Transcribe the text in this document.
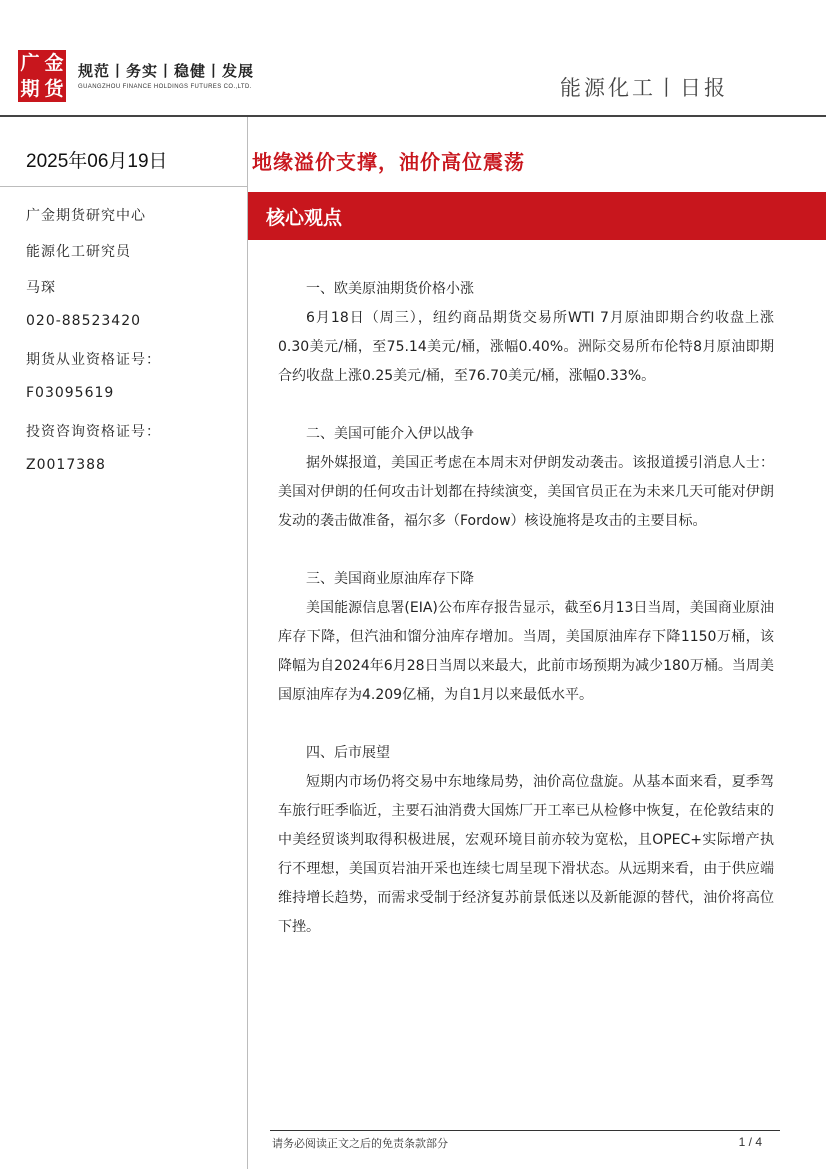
广 金
期 货
规范丨务实丨稳健丨发展
GUANGZHOU FINANCE HOLDINGS FUTURES CO.,LTD.	能源化工丨日报
2025年06月19日
广金期货研究中心
能源化工研究员
马琛
020-88523420
期货从业资格证号：
F03095619
投资咨询资格证号：
Z0017388
地缘溢价支撑，油价高位震荡
核心观点
一、欧美原油期货价格小涨

6月18日（周三），纽约商品期货交易所WTI 7月原油即期合约收盘上涨0.30美元/桶，至75.14美元/桶，涨幅0.40%。洲际交易所布伦特8月原油即期合约收盘上涨0.25美元/桶，至76.70美元/桶，涨幅0.33%。

二、美国可能介入伊以战争

据外媒报道，美国正考虑在本周末对伊朗发动袭击。该报道援引消息人士：美国对伊朗的任何攻击计划都在持续演变，美国官员正在为未来几天可能对伊朗发动的袭击做准备，福尔多（Fordow）核设施将是攻击的主要目标。

三、美国商业原油库存下降

美国能源信息署(EIA)公布库存报告显示，截至6月13日当周，美国商业原油库存下降，但汽油和馏分油库存增加。当周，美国原油库存下降1150万桶，该降幅为自2024年6月28日当周以来最大，此前市场预期为减少180万桶。当周美国原油库存为4.209亿桶，为自1月以来最低水平。

四、后市展望

短期内市场仍将交易中东地缘局势，油价高位盘旋。从基本面来看，夏季驾车旅行旺季临近，主要石油消费大国炼厂开工率已从检修中恢复，在伦敦结束的中美经贸谈判取得积极进展，宏观环境目前亦较为宽松，且OPEC+实际增产执行不理想，美国页岩油开采也连续七周呈现下滑状态。从远期来看，由于供应端维持增长趋势，而需求受制于经济复苏前景低迷以及新能源的替代，油价将高位下挫。

请务必阅读正文之后的免责条款部分	1 / 4
